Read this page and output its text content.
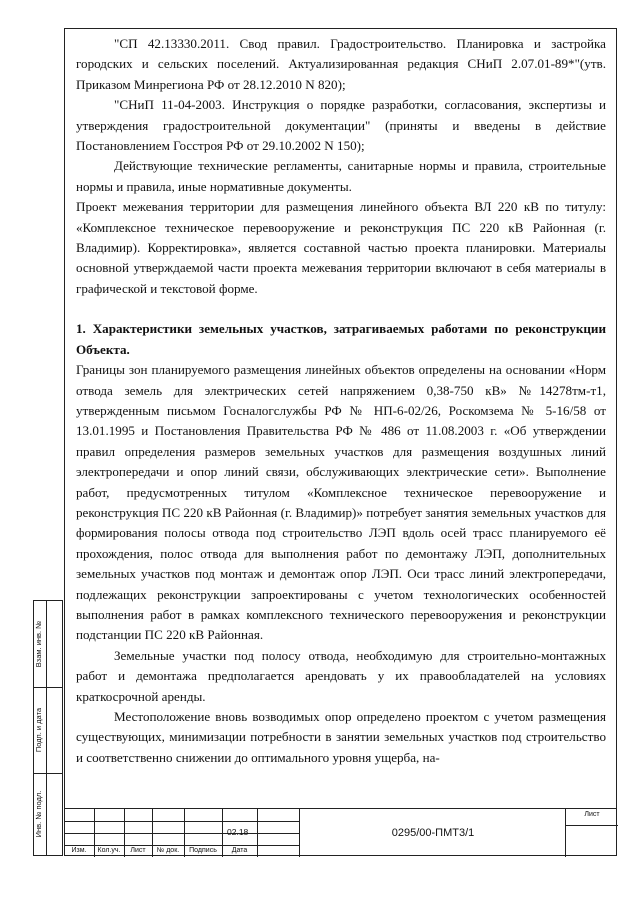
"СП 42.13330.2011. Свод правил. Градостроительство. Планировка и застройка городских и сельских поселений. Актуализированная редакция СНиП 2.07.01-89*"(утв. Приказом Минрегиона РФ от 28.12.2010 N 820);

"СНиП 11-04-2003. Инструкция о порядке разработки, согласования, экспертизы и утверждения градостроительной документации" (приняты и введены в действие Постановлением Госстроя РФ от 29.10.2002 N 150);

Действующие технические регламенты, санитарные нормы и правила, строительные нормы и правила, иные нормативные документы.

Проект межевания территории для размещения линейного объекта ВЛ 220 кВ по титулу: «Комплексное техническое перевооружение и реконструкция ПС 220 кВ Районная (г. Владимир). Корректировка», является составной частью проекта планировки. Материалы основной утверждаемой части проекта межевания территории включают в себя материалы в графической и текстовой форме.

1. Характеристики земельных участков, затрагиваемых работами по реконструкции Объекта.

Границы зон планируемого размещения линейных объектов определены на основании «Норм отвода земель для электрических сетей напряжением 0,38-750 кВ» №14278тм-т1, утвержденным письмом Госналогслужбы РФ № НП-6-02/26, Роскомзема № 5-16/58 от 13.01.1995 и Постановления Правительства РФ № 486 от 11.08.2003 г. «Об утверждении правил определения размеров земельных участков для размещения воздушных линий электропередачи и опор линий связи, обслуживающих электрические сети». Выполнение работ, предусмотренных титулом «Комплексное техническое перевооружение и реконструкция ПС 220 кВ Районная (г. Владимир)» потребует занятия земельных участков для формирования полосы отвода под строительство ЛЭП вдоль осей трасс планируемого её прохождения, полос отвода для выполнения работ по демонтажу ЛЭП, дополнительных земельных участков под монтаж и демонтаж опор ЛЭП. Оси трасс линий электропередачи, подлежащих реконструкции запроектированы с учетом технологических особенностей выполнения работ в рамках комплексного технического перевооружения и реконструкции подстанции ПС 220 кВ Районная.

Земельные участки под полосу отвода, необходимую для строительно-монтажных работ и демонтажа предполагается арендовать у их правообладателей на условиях краткосрочной аренды.

Местоположение вновь возводимых опор определено проектом с учетом размещения существующих, минимизации потребности в занятии земельных участков под строительство и соответственно снижении до оптимального уровня ущерба, на-

Взам. инв. №
Подп. и дата
Инв. № подл.
Изм.	Кол.уч.	Лист	№ док.	Подпись	Дата
02.18	0295/00-ПМТ3/1
Лист
